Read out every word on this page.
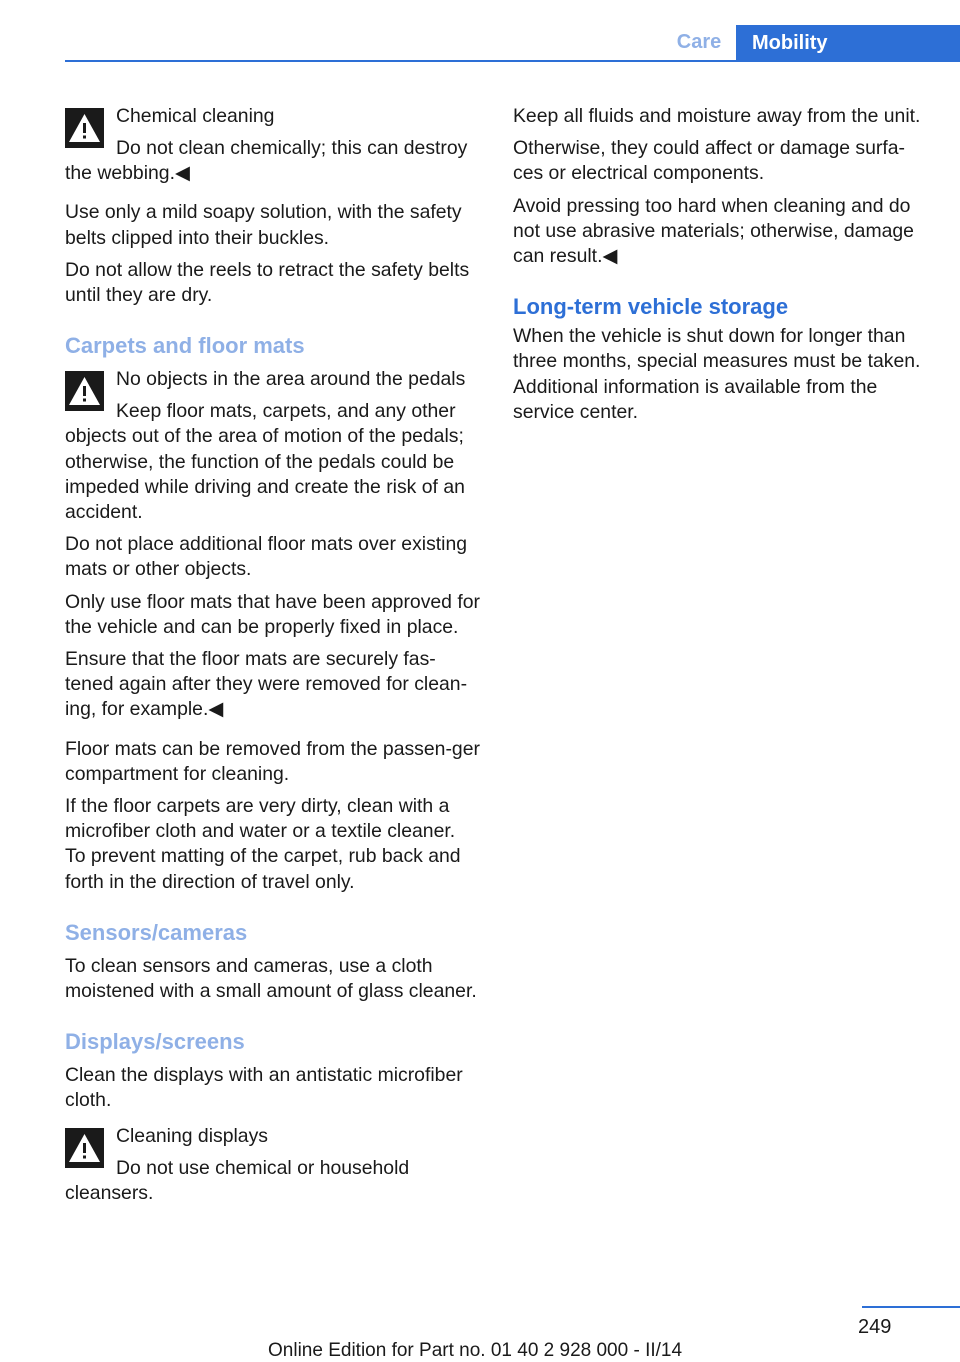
Care	Mobility
Chemical cleaning

Do not clean chemically; this can destroy the webbing.◀

Use only a mild soapy solution, with the safety belts clipped into their buckles.

Do not allow the reels to retract the safety belts until they are dry.

Carpets and floor mats
No objects in the area around the pedals

Keep floor mats, carpets, and any other objects out of the area of motion of the pedals; otherwise, the function of the pedals could be impeded while driving and create the risk of an accident.

Do not place additional floor mats over existing mats or other objects.

Only use floor mats that have been approved for the vehicle and can be properly fixed in place.

Ensure that the floor mats are securely fas‐tened again after they were removed for clean‐ing, for example.◀

Floor mats can be removed from the passen‐ger compartment for cleaning.

If the floor carpets are very dirty, clean with a microfiber cloth and water or a textile cleaner. To prevent matting of the carpet, rub back and forth in the direction of travel only.

Sensors/cameras

To clean sensors and cameras, use a cloth moistened with a small amount of glass cleaner.

Displays/screens

Clean the displays with an antistatic microfiber cloth.

Cleaning displays

Do not use chemical or household cleansers.

Keep all fluids and moisture away from the unit.

Otherwise, they could affect or damage surfa‐ces or electrical components.

Avoid pressing too hard when cleaning and do not use abrasive materials; otherwise, damage can result.◀

Long-term vehicle storage

When the vehicle is shut down for longer than three months, special measures must be taken. Additional information is available from the service center.

249
Online Edition for Part no. 01 40 2 928 000 - II/14
